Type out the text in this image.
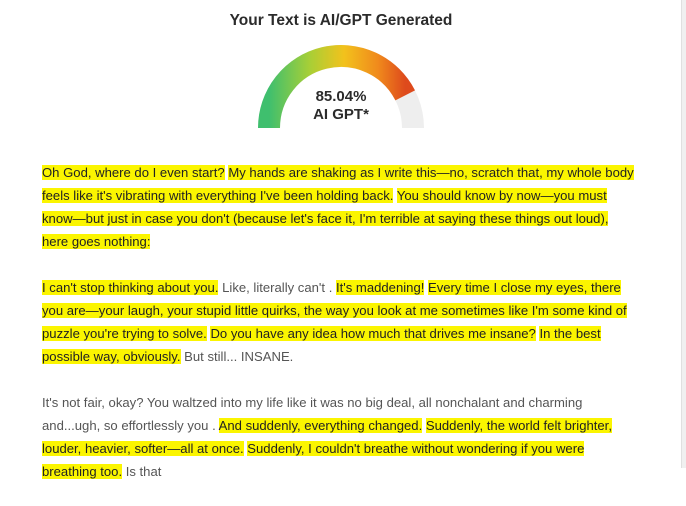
Your Text is AI/GPT Generated
85.04%
AI GPT*

Oh God, where do I even start? My hands are shaking as I write this—no, scratch that, my whole body feels like it's vibrating with everything I've been holding back. You should know by now—you must know—but just in case you don't (because let's face it, I'm terrible at saying these things out loud), here goes nothing:

I can't stop thinking about you. Like, literally can't . It's maddening! Every time I close my eyes, there you are—your laugh, your stupid little quirks, the way you look at me sometimes like I'm some kind of puzzle you're trying to solve. Do you have any idea how much that drives me insane? In the best possible way, obviously. But still... INSANE.

It's not fair, okay? You waltzed into my life like it was no big deal, all nonchalant and charming and...ugh, so effortlessly you . And suddenly, everything changed. Suddenly, the world felt brighter, louder, heavier, softer—all at once. Suddenly, I couldn't breathe without wondering if you were breathing too. Is that
